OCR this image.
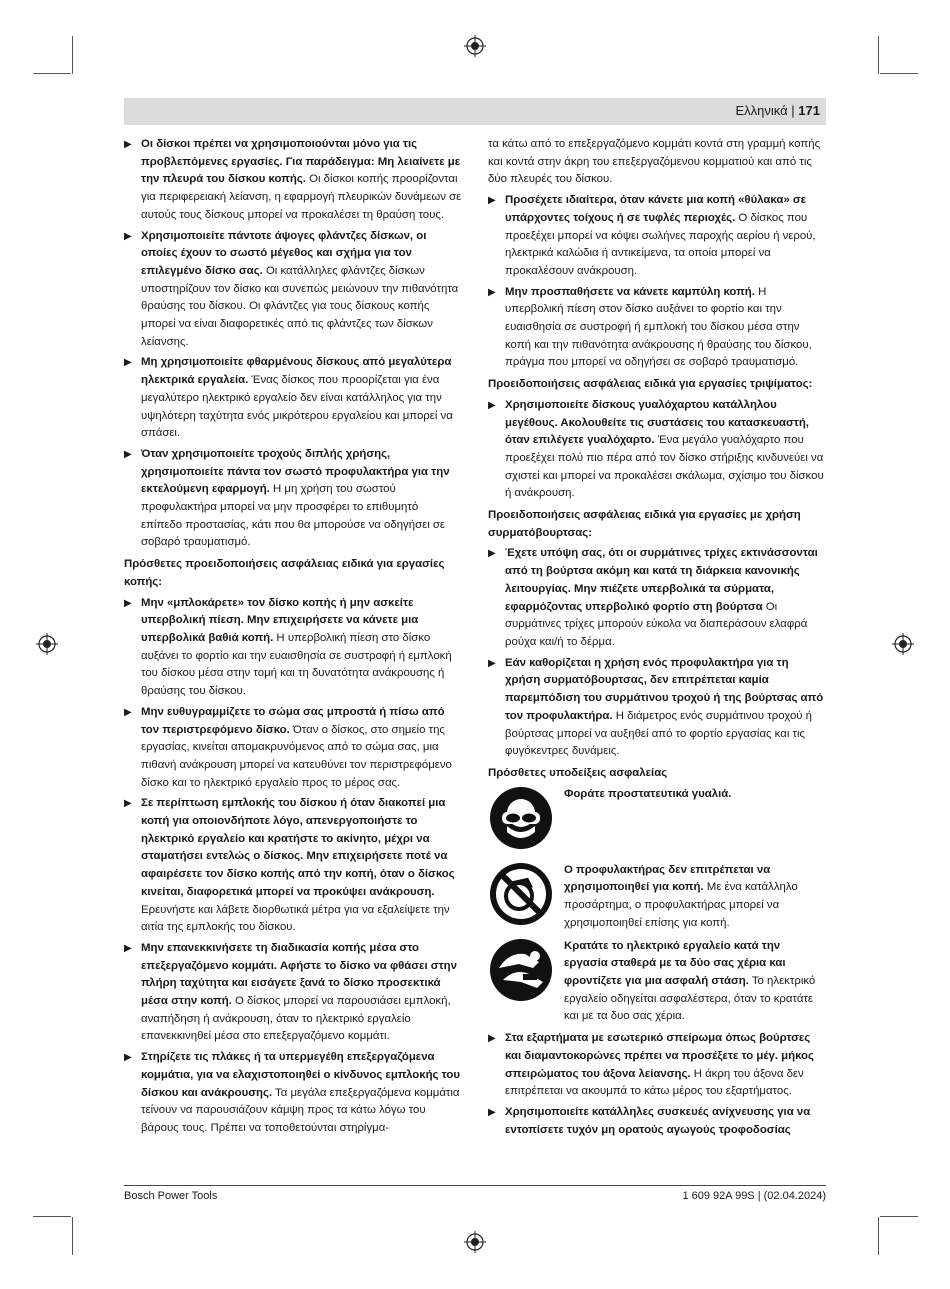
Ελληνικά | 171
▶ Οι δίσκοι πρέπει να χρησιμοποιούνται μόνο για τις προβλεπόμενες εργασίες. Για παράδειγμα: Μη λειαίνετε με την πλευρά του δίσκου κοπής. Οι δίσκοι κοπής προορίζονται για περιφερειακή λείανση, η εφαρμογή πλευρικών δυνάμεων σε αυτούς τους δίσκους μπορεί να προκαλέσει τη θραύση τους.
▶ Χρησιμοποιείτε πάντοτε άψογες φλάντζες δίσκων, οι οποίες έχουν το σωστό μέγεθος και σχήμα για τον επιλεγμένο δίσκο σας. Οι κατάλληλες φλάντζες δίσκων υποστηρίζουν τον δίσκο και συνεπώς μειώνουν την πιθανότητα θραύσης του δίσκου. Οι φλάντζες για τους δίσκους κοπής μπορεί να είναι διαφορετικές από τις φλάντζες των δίσκων λείανσης.
▶ Μη χρησιμοποιείτε φθαρμένους δίσκους από μεγαλύτερα ηλεκτρικά εργαλεία. Ένας δίσκος που προορίζεται για ένα μεγαλύτερο ηλεκτρικό εργαλείο δεν είναι κατάλληλος για την υψηλότερη ταχύτητα ενός μικρότερου εργαλείου και μπορεί να σπάσει.
▶ Όταν χρησιμοποιείτε τροχούς διπλής χρήσης, χρησιμοποιείτε πάντα τον σωστό προφυλακτήρα για την εκτελούμενη εφαρμογή. Η μη χρήση του σωστού προφυλακτήρα μπορεί να μην προσφέρει το επιθυμητό επίπεδο προστασίας, κάτι που θα μπορούσε να οδηγήσει σε σοβαρό τραυματισμό.
Πρόσθετες προειδοποιήσεις ασφάλειας ειδικά για εργασίες κοπής:
▶ Μην «μπλοκάρετε» τον δίσκο κοπής ή μην ασκείτε υπερβολική πίεση. Μην επιχειρήσετε να κάνετε μια υπερβολικά βαθιά κοπή. Η υπερβολική πίεση στο δίσκο αυξάνει το φορτίο και την ευαισθησία σε συστροφή ή εμπλοκή του δίσκου μέσα στην τομή και τη δυνατότητα ανάκρουσης ή θραύσης του δίσκου.
▶ Μην ευθυγραμμίζετε το σώμα σας μπροστά ή πίσω από τον περιστρεφόμενο δίσκο. Όταν ο δίσκος, στο σημείο της εργασίας, κινείται απομακρυνόμενος από το σώμα σας, μια πιθανή ανάκρουση μπορεί να κατευθύνει τον περιστρεφόμενο δίσκο και το ηλεκτρικό εργαλείο προς το μέρος σας.
▶ Σε περίπτωση εμπλοκής του δίσκου ή όταν διακοπεί μια κοπή για οποιονδήποτε λόγο, απενεργοποιήστε το ηλεκτρικό εργαλείο και κρατήστε το ακίνητο, μέχρι να σταματήσει εντελώς ο δίσκος. Μην επιχειρήσετε ποτέ να αφαιρέσετε τον δίσκο κοπής από την κοπή, όταν ο δίσκος κινείται, διαφορετικά μπορεί να προκύψει ανάκρουση. Ερευνήστε και λάβετε διορθωτικά μέτρα για να εξαλείψετε την αιτία της εμπλοκής του δίσκου.
▶ Μην επανεκκινήσετε τη διαδικασία κοπής μέσα στο επεξεργαζόμενο κομμάτι. Αφήστε το δίσκο να φθάσει στην πλήρη ταχύτητα και εισάγετε ξανά το δίσκο προσεκτικά μέσα στην κοπή. Ο δίσκος μπορεί να παρουσιάσει εμπλοκή, αναπήδηση ή ανάκρουση, όταν το ηλεκτρικό εργαλείο επανεκκινηθεί μέσα στο επεξεργαζόμενο κομμάτι.
▶ Στηρίζετε τις πλάκες ή τα υπερμεγέθη επεξεργαζόμενα κομμάτια, για να ελαχιστοποιηθεί ο κίνδυνος εμπλοκής του δίσκου και ανάκρουσης. Τα μεγάλα επεξεργαζόμενα κομμάτια τείνουν να παρουσιάζουν κάμψη προς τα κάτω λόγω του βάρους τους. Πρέπει να τοποθετούνται στηρίγμα-
τα κάτω από το επεξεργαζόμενο κομμάτι κοντά στη γραμμή κοπής και κοντά στην άκρη του επεξεργαζόμενου κομματιού και από τις δύο πλευρές του δίσκου.
▶ Προσέχετε ιδιαίτερα, όταν κάνετε μια κοπή «θύλακα» σε υπάρχοντες τοίχους ή σε τυφλές περιοχές. Ο δίσκος που προεξέχει μπορεί να κόψει σωλήνες παροχής αερίου ή νερού, ηλεκτρικά καλώδια ή αντικείμενα, τα οποία μπορεί να προκαλέσουν ανάκρουση.
▶ Μην προσπαθήσετε να κάνετε καμπύλη κοπή. Η υπερβολική πίεση στον δίσκο αυξάνει το φορτίο και την ευαισθησία σε συστροφή ή εμπλοκή του δίσκου μέσα στην κοπή και την πιθανότητα ανάκρουσης ή θραύσης του δίσκου, πράγμα που μπορεί να οδηγήσει σε σοβαρό τραυματισμό.
Προειδοποιήσεις ασφάλειας ειδικά για εργασίες τριψίματος:
▶ Χρησιμοποιείτε δίσκους γυαλόχαρτου κατάλληλου μεγέθους. Ακολουθείτε τις συστάσεις του κατασκευαστή, όταν επιλέγετε γυαλόχαρτο. Ένα μεγάλο γυαλόχαρτο που προεξέχει πολύ πιο πέρα από τον δίσκο στήριξης κινδυνεύει να σχιστεί και μπορεί να προκαλέσει σκάλωμα, σχίσιμο του δίσκου ή ανάκρουση.
Προειδοποιήσεις ασφάλειας ειδικά για εργασίες με χρήση συρματόβουρτσας:
▶ Έχετε υπόψη σας, ότι οι συρμάτινες τρίχες εκτινάσσονται από τη βούρτσα ακόμη και κατά τη διάρκεια κανονικής λειτουργίας. Μην πιέζετε υπερβολικά τα σύρματα, εφαρμόζοντας υπερβολικό φορτίο στη βούρτσα Οι συρμάτινες τρίχες μπορούν εύκολα να διαπεράσουν ελαφρά ρούχα και/ή το δέρμα.
▶ Εάν καθορίζεται η χρήση ενός προφυλακτήρα για τη χρήση συρματόβουρτσας, δεν επιτρέπεται καμία παρεμπόδιση του συρμάτινου τροχού ή της βούρτσας από τον προφυλακτήρα. Η διάμετρος ενός συρμάτινου τροχού ή βούρτσας μπορεί να αυξηθεί από το φορτίο εργασίας και τις φυγόκεντρες δυνάμεις.
Πρόσθετες υποδείξεις ασφαλείας
Φοράτε προστατευτικά γυαλιά.
Ο προφυλακτήρας δεν επιτρέπεται να χρησιμοποιηθεί για κοπή. Με ένα κατάλληλο προσάρτημα, ο προφυλακτήρας μπορεί να χρησιμοποιηθεί επίσης για κοπή.
Κρατάτε το ηλεκτρικό εργαλείο κατά την εργασία σταθερά με τα δύο σας χέρια και φροντίζετε για μια ασφαλή στάση. Το ηλεκτρικό εργαλείο οδηγείται ασφαλέστερα, όταν το κρατάτε και με τα δυο σας χέρια.
▶ Στα εξαρτήματα με εσωτερικό σπείρωμα όπως βούρτσες και διαμαντοκορώνες πρέπει να προσέξετε το μέγ. μήκος σπειρώματος του άξονα λείανσης. Η άκρη του άξονα δεν επιτρέπεται να ακουμπά το κάτω μέρος του εξαρτήματος.
▶ Χρησιμοποιείτε κατάλληλες συσκευές ανίχνευσης για να εντοπίσετε τυχόν μη ορατούς αγωγούς τροφοδοσίας
Bosch Power Tools	1 609 92A 99S | (02.04.2024)
